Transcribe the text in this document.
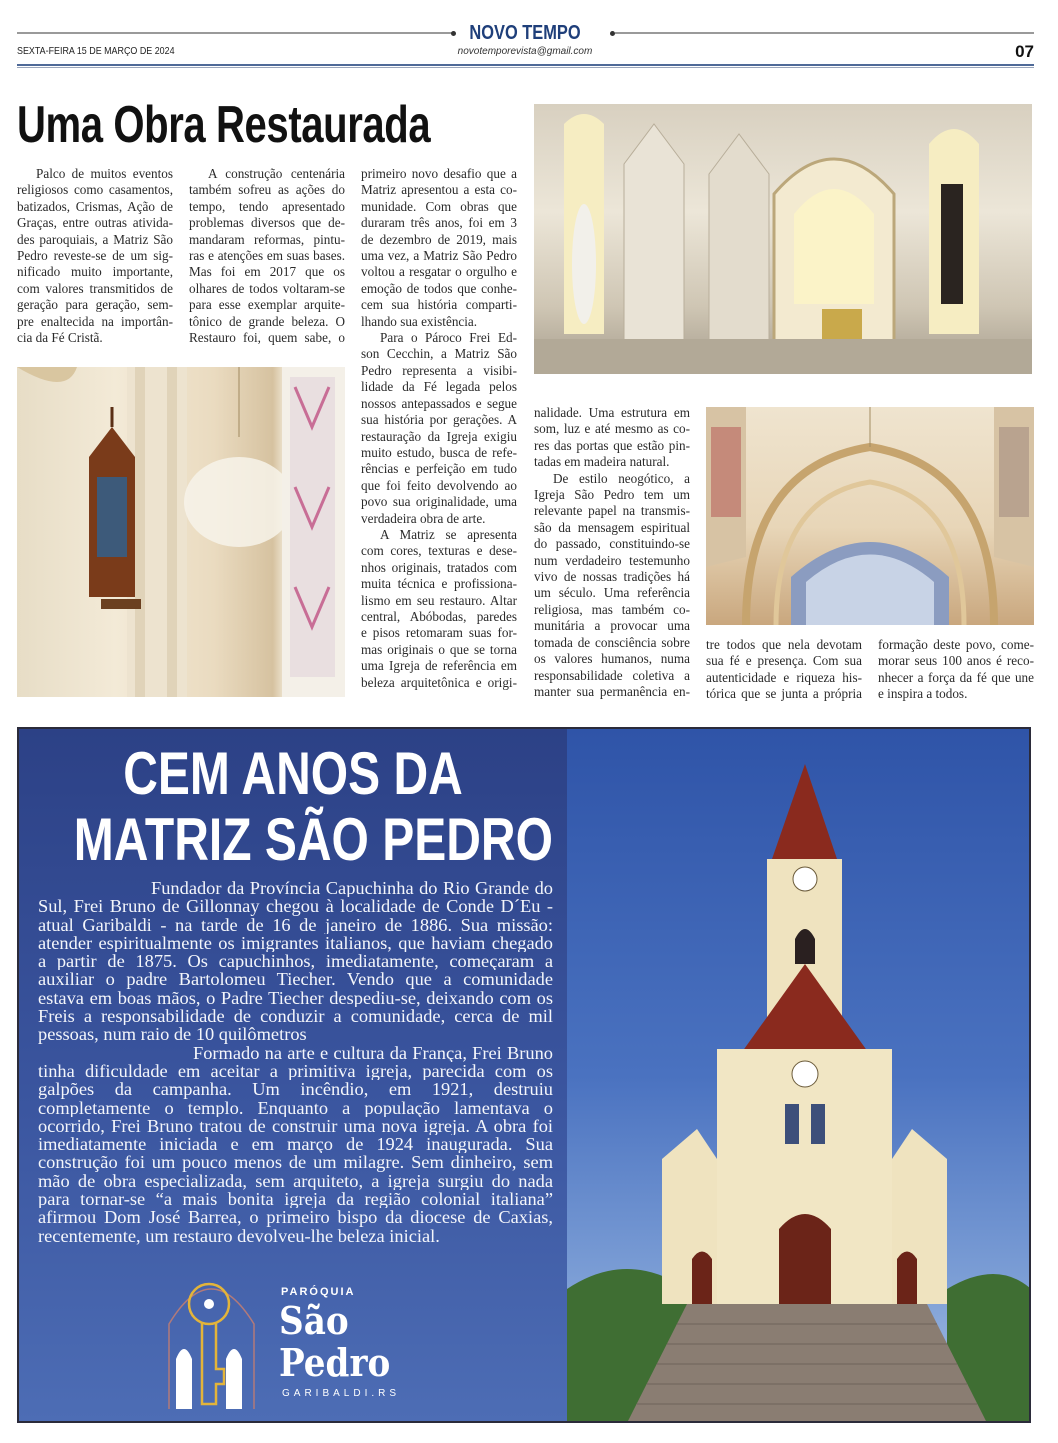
NOVO TEMPO
SEXTA-FEIRA 15 DE MARÇO DE 2024	novotemporevista@gmail.com	07
Uma Obra Restaurada
Palco de muitos eventos
religiosos como casamentos,
batizados, Crismas, Ação de
Graças, entre outras ativida-
des paroquiais, a Matriz São
Pedro reveste-se de um sig-
nificado muito importante,
com valores transmitidos de
geração para geração, sem-
pre enaltecida na importân-
cia da Fé Cristã.
A construção centenária
também sofreu as ações do
tempo, tendo apresentado
problemas diversos que de-
mandaram reformas, pintu-
ras e atenções em suas bases.
Mas foi em 2017 que os
olhares de todos voltaram-se
para esse exemplar arquite-
tônico de grande beleza. O
Restauro foi, quem sabe, o
primeiro novo desafio que a
Matriz apresentou a esta co-
munidade. Com obras que
duraram três anos, foi em 3
de dezembro de 2019, mais
uma vez, a Matriz São Pedro
voltou a resgatar o orgulho e
emoção de todos que conhe-
cem sua história comparti-
lhando sua existência.
Para o Pároco Frei Ed-
son Cecchin, a Matriz São
Pedro representa a visibi-
lidade da Fé legada pelos
nossos antepassados e segue
sua história por gerações. A
restauração da Igreja exigiu
muito estudo, busca de refe-
rências e perfeição em tudo
que foi feito devolvendo ao
povo sua originalidade, uma
verdadeira obra de arte.
A Matriz se apresenta
com cores, texturas e dese-
nhos originais, tratados com
muita técnica e profissiona-
lismo em seu restauro. Altar
central, Abóbodas, paredes
e pisos retomaram suas for-
mas originais o que se torna
uma Igreja de referência em
beleza arquitetônica e origi-
nalidade. Uma estrutura em
som, luz e até mesmo as co-
res das portas que estão pin-
tadas em madeira natural.
De estilo neogótico, a
Igreja São Pedro tem um
relevante papel na transmis-
são da mensagem espiritual
do passado, constituindo-se
num verdadeiro testemunho
vivo de nossas tradições há
um século. Uma referência
religiosa, mas também co-
munitária a provocar uma
tomada de consciência sobre
os valores humanos, numa
responsabilidade coletiva a
manter sua permanência en-
tre todos que nela devotam
sua fé e presença. Com sua
autenticidade e riqueza his-
tórica que se junta a própria
formação deste povo, come-
morar seus 100 anos é reco-
nhecer a força da fé que une
e inspira a todos.
CEM ANOS DA
MATRIZ SÃO PEDRO
Fundador da Província Capuchinha do Rio Grande do
Sul, Frei Bruno de Gillonnay chegou à localidade de Conde D´Eu -
atual Garibaldi - na tarde de 16 de janeiro de 1886. Sua missão:
atender espiritualmente os imigrantes italianos, que haviam chegado
a partir de 1875. Os capuchinhos, imediatamente, começaram a
auxiliar o padre Bartolomeu Tiecher. Vendo que a comunidade
estava em boas mãos, o Padre Tiecher despediu-se, deixando com os
Freis a responsabilidade de conduzir a comunidade, cerca de mil
pessoas, num raio de 10 quilômetros
Formado na arte e cultura da França, Frei Bruno
tinha dificuldade em aceitar a primitiva igreja, parecida com os
galpões da campanha. Um incêndio, em 1921, destruiu
completamente o templo. Enquanto a população lamentava o
ocorrido, Frei Bruno tratou de construir uma nova igreja. A obra foi
imediatamente iniciada e em março de 1924 inaugurada. Sua
construção foi um pouco menos de um milagre. Sem dinheiro, sem
mão de obra especializada, sem arquiteto, a igreja surgiu do nada
para tornar-se “a mais bonita igreja da região colonial italiana”
afirmou Dom José Barrea, o primeiro bispo da diocese de Caxias,
recentemente, um restauro devolveu-lhe beleza inicial.
PARÓQUIA
São
Pedro
GARIBALDI.RS
